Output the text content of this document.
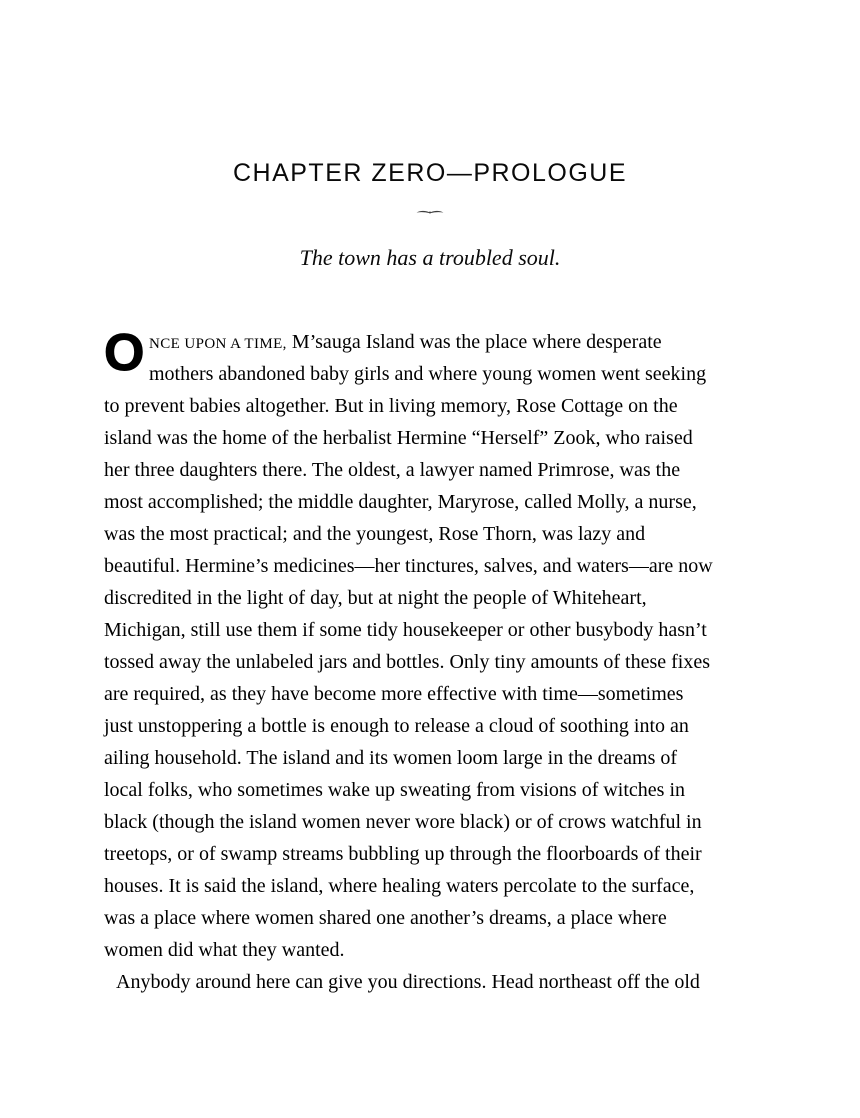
CHAPTER ZERO—PROLOGUE
The town has a troubled soul.
O NCE UPON A TIME, M’sauga Island was the place where desperate
mothers abandoned baby girls and where young women went seeking
to prevent babies altogether. But in living memory, Rose Cottage on the
island was the home of the herbalist Hermine “Herself” Zook, who raised
her three daughters there. The oldest, a lawyer named Primrose, was the
most accomplished; the middle daughter, Maryrose, called Molly, a nurse,
was the most practical; and the youngest, Rose Thorn, was lazy and
beautiful. Hermine’s medicines—her tinctures, salves, and waters—are now
discredited in the light of day, but at night the people of Whiteheart,
Michigan, still use them if some tidy housekeeper or other busybody hasn’t
tossed away the unlabeled jars and bottles. Only tiny amounts of these fixes
are required, as they have become more effective with time—sometimes
just unstoppering a bottle is enough to release a cloud of soothing into an
ailing household. The island and its women loom large in the dreams of
local folks, who sometimes wake up sweating from visions of witches in
black (though the island women never wore black) or of crows watchful in
treetops, or of swamp streams bubbling up through the floorboards of their
houses. It is said the island, where healing waters percolate to the surface,
was a place where women shared one another’s dreams, a place where
women did what they wanted.
Anybody around here can give you directions. Head northeast off the old
